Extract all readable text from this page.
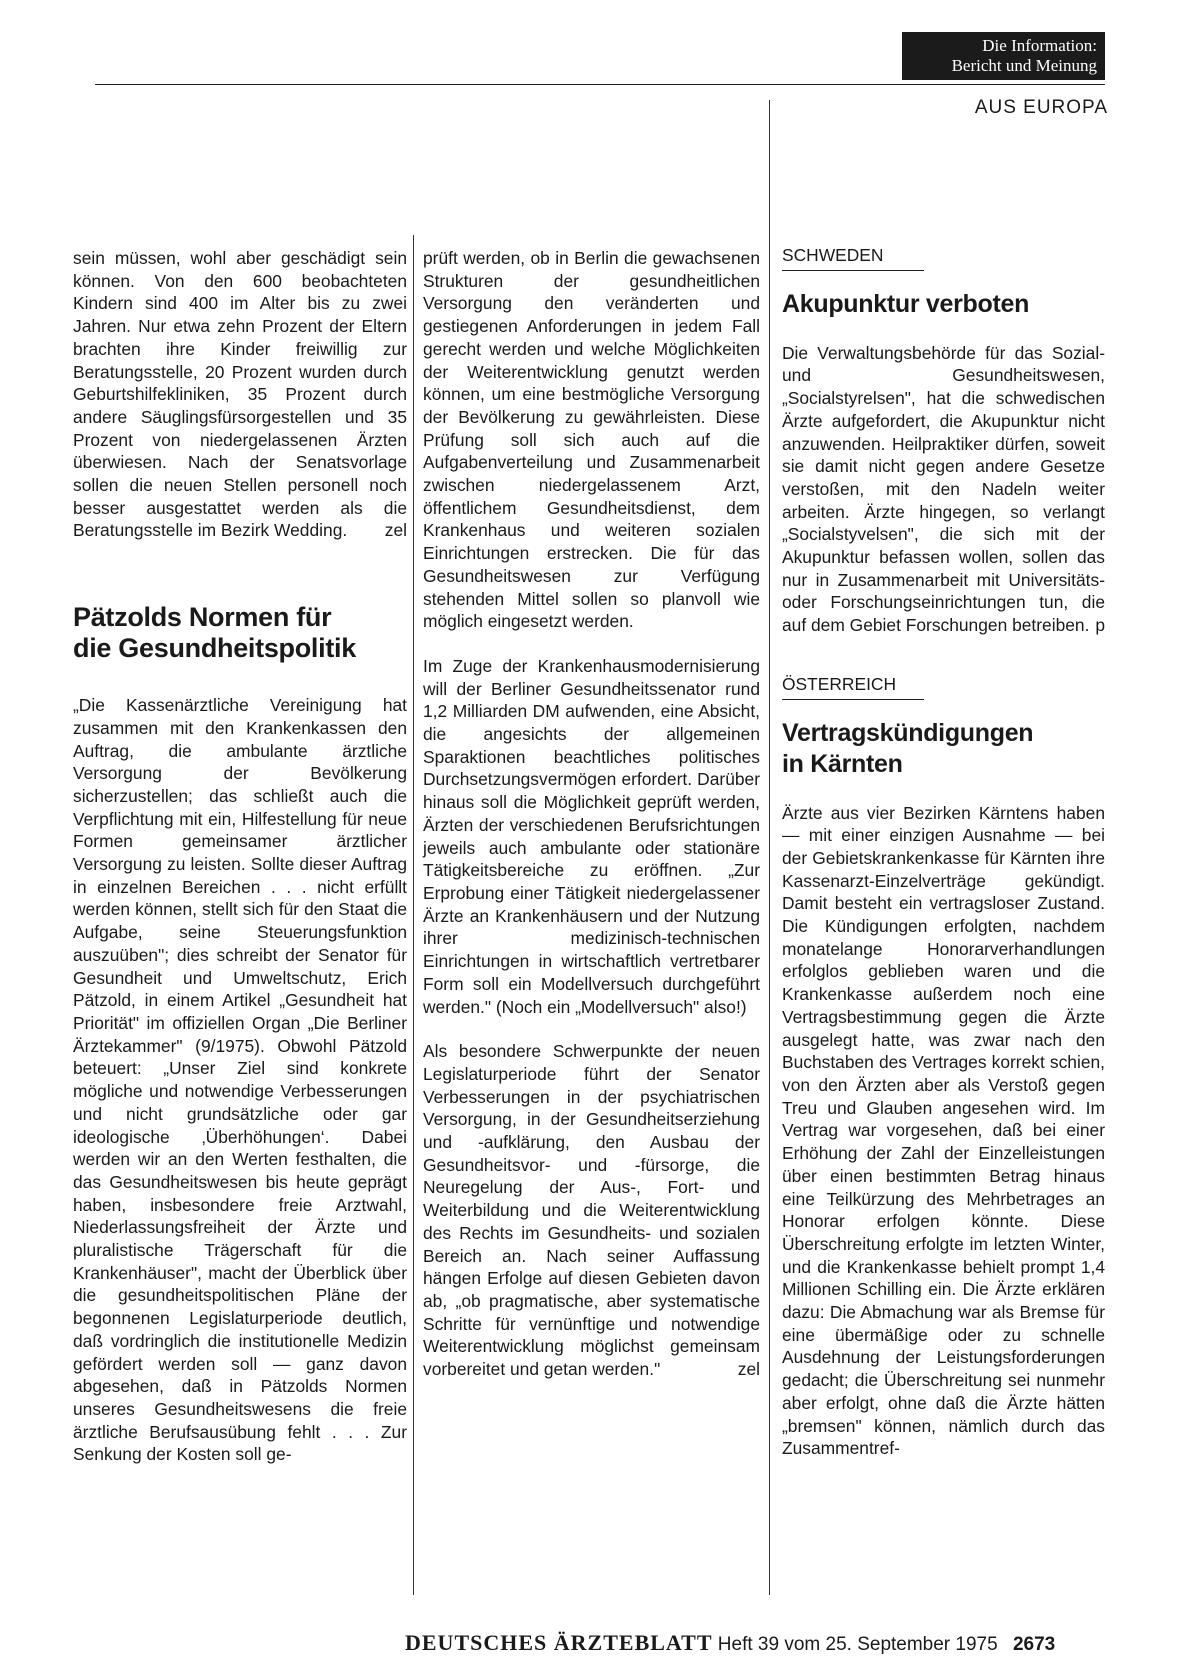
Die Information:
Bericht und Meinung
AUS EUROPA

sein müssen, wohl aber geschädigt sein können. Von den 600 beobachteten Kindern sind 400 im Alter bis zu zwei Jahren. Nur etwa zehn Prozent der Eltern brachten ihre Kinder freiwillig zur Beratungsstelle, 20 Prozent wurden durch Geburtshilfekliniken, 35 Prozent durch andere Säuglingsfürsorgestellen und 35 Prozent von niedergelassenen Ärzten überwiesen. Nach der Senatsvorlage sollen die neuen Stellen personell noch besser ausgestattet werden als die Beratungsstelle im Bezirk Wedding. zel

Pätzolds Normen für
die Gesundheitspolitik

„Die Kassenärztliche Vereinigung hat zusammen mit den Krankenkassen den Auftrag, die ambulante ärztliche Versorgung der Bevölkerung sicherzustellen; das schließt auch die Verpflichtung mit ein, Hilfestellung für neue Formen gemeinsamer ärztlicher Versorgung zu leisten. Sollte dieser Auftrag in einzelnen Bereichen . . . nicht erfüllt werden können, stellt sich für den Staat die Aufgabe, seine Steuerungsfunktion auszuüben"; dies schreibt der Senator für Gesundheit und Umweltschutz, Erich Pätzold, in einem Artikel „Gesundheit hat Priorität" im offiziellen Organ „Die Berliner Ärztekammer" (9/1975). Obwohl Pätzold beteuert: „Unser Ziel sind konkrete mögliche und notwendige Verbesserungen und nicht grundsätzliche oder gar ideologische ‚Überhöhungen‘. Dabei werden wir an den Werten festhalten, die das Gesundheitswesen bis heute geprägt haben, insbesondere freie Arztwahl, Niederlassungsfreiheit der Ärzte und pluralistische Trägerschaft für die Krankenhäuser", macht der Überblick über die gesundheitspolitischen Pläne der begonnenen Legislaturperiode deutlich, daß vordringlich die institutionelle Medizin gefördert werden soll — ganz davon abgesehen, daß in Pätzolds Normen unseres Gesundheitswesens die freie ärztliche Berufsausübung fehlt . . . Zur Senkung der Kosten soll ge-

prüft werden, ob in Berlin die gewachsenen Strukturen der gesundheitlichen Versorgung den veränderten und gestiegenen Anforderungen in jedem Fall gerecht werden und welche Möglichkeiten der Weiterentwicklung genutzt werden können, um eine bestmögliche Versorgung der Bevölkerung zu gewährleisten. Diese Prüfung soll sich auch auf die Aufgabenverteilung und Zusammenarbeit zwischen niedergelassenem Arzt, öffentlichem Gesundheitsdienst, dem Krankenhaus und weiteren sozialen Einrichtungen erstrecken. Die für das Gesundheitswesen zur Verfügung stehenden Mittel sollen so planvoll wie möglich eingesetzt werden.

Im Zuge der Krankenhausmodernisierung will der Berliner Gesundheitssenator rund 1,2 Milliarden DM aufwenden, eine Absicht, die angesichts der allgemeinen Sparaktionen beachtliches politisches Durchsetzungsvermögen erfordert. Darüber hinaus soll die Möglichkeit geprüft werden, Ärzten der verschiedenen Berufsrichtungen jeweils auch ambulante oder stationäre Tätigkeitsbereiche zu eröffnen. „Zur Erprobung einer Tätigkeit niedergelassener Ärzte an Krankenhäusern und der Nutzung ihrer medizinisch-technischen Einrichtungen in wirtschaftlich vertretbarer Form soll ein Modellversuch durchgeführt werden." (Noch ein „Modellversuch" also!)

Als besondere Schwerpunkte der neuen Legislaturperiode führt der Senator Verbesserungen in der psychiatrischen Versorgung, in der Gesundheitserziehung und -aufklärung, den Ausbau der Gesundheitsvor- und -fürsorge, die Neuregelung der Aus-, Fort- und Weiterbildung und die Weiterentwicklung des Rechts im Gesundheits- und sozialen Bereich an. Nach seiner Auffassung hängen Erfolge auf diesen Gebieten davon ab, „ob pragmatische, aber systematische Schritte für vernünftige und notwendige Weiterentwicklung möglichst gemeinsam vorbereitet und getan werden."	zel

SCHWEDEN

Akupunktur verboten

Die Verwaltungsbehörde für das Sozial- und Gesundheitswesen, „Socialstyrelsen", hat die schwedischen Ärzte aufgefordert, die Akupunktur nicht anzuwenden. Heilpraktiker dürfen, soweit sie damit nicht gegen andere Gesetze verstoßen, mit den Nadeln weiter arbeiten. Ärzte hingegen, so verlangt „Socialstyvelsen", die sich mit der Akupunktur befassen wollen, sollen das nur in Zusammenarbeit mit Universitäts- oder Forschungseinrichtungen tun, die auf dem Gebiet Forschungen betreiben. p

ÖSTERREICH

Vertragskündigungen
in Kärnten

Ärzte aus vier Bezirken Kärntens haben — mit einer einzigen Ausnahme — bei der Gebietskrankenkasse für Kärnten ihre Kassenarzt-Einzelverträge gekündigt. Damit besteht ein vertragsloser Zustand. Die Kündigungen erfolgten, nachdem monatelange Honorarverhandlungen erfolglos geblieben waren und die Krankenkasse außerdem noch eine Vertragsbestimmung gegen die Ärzte ausgelegt hatte, was zwar nach den Buchstaben des Vertrages korrekt schien, von den Ärzten aber als Verstoß gegen Treu und Glauben angesehen wird. Im Vertrag war vorgesehen, daß bei einer Erhöhung der Zahl der Einzelleistungen über einen bestimmten Betrag hinaus eine Teilkürzung des Mehrbetrages an Honorar erfolgen könnte. Diese Überschreitung erfolgte im letzten Winter, und die Krankenkasse behielt prompt 1,4 Millionen Schilling ein. Die Ärzte erklären dazu: Die Abmachung war als Bremse für eine übermäßige oder zu schnelle Ausdehnung der Leistungsforderungen gedacht; die Überschreitung sei nunmehr aber erfolgt, ohne daß die Ärzte hätten „bremsen" können, nämlich durch das Zusammentref-

DEUTSCHES ÄRZTEBLATT Heft 39 vom 25. September 1975 2673
